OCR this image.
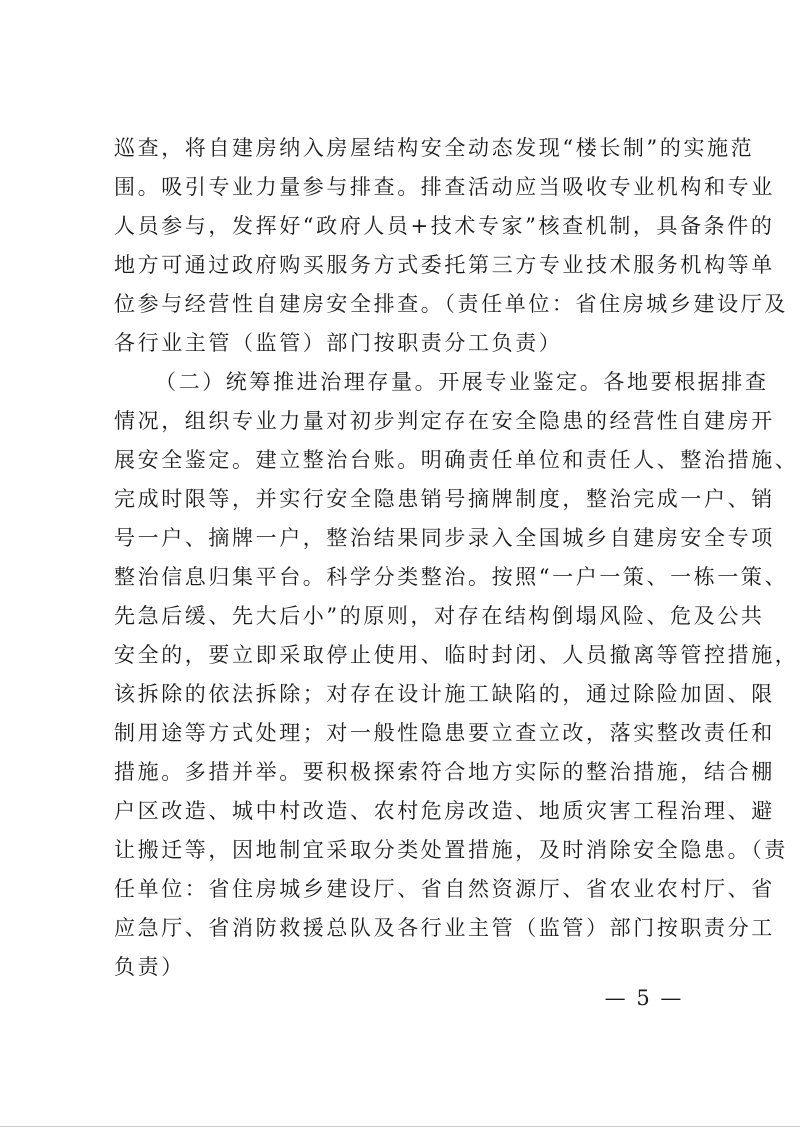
巡查，将自建房纳入房屋结构安全动态发现“楼长制”的实施范
围。吸引专业力量参与排查。排查活动应当吸收专业机构和专业
人员参与，发挥好“政府人员+技术专家”核查机制，具备条件的
地方可通过政府购买服务方式委托第三方专业技术服务机构等单
位参与经营性自建房安全排查。（责任单位：省住房城乡建设厅及
各行业主管（监管）部门按职责分工负责）
（二）统筹推进治理存量。开展专业鉴定。各地要根据排查
情况，组织专业力量对初步判定存在安全隐患的经营性自建房开
展安全鉴定。建立整治台账。明确责任单位和责任人、整治措施、
完成时限等，并实行安全隐患销号摘牌制度，整治完成一户、销
号一户、摘牌一户，整治结果同步录入全国城乡自建房安全专项
整治信息归集平台。科学分类整治。按照“一户一策、一栋一策、
先急后缓、先大后小”的原则，对存在结构倒塌风险、危及公共
安全的，要立即采取停止使用、临时封闭、人员撤离等管控措施，
该拆除的依法拆除；对存在设计施工缺陷的，通过除险加固、限
制用途等方式处理；对一般性隐患要立查立改，落实整改责任和
措施。多措并举。要积极探索符合地方实际的整治措施，结合棚
户区改造、城中村改造、农村危房改造、地质灾害工程治理、避
让搬迁等，因地制宜采取分类处置措施，及时消除安全隐患。（责
任单位：省住房城乡建设厅、省自然资源厅、省农业农村厅、省
应急厅、省消防救援总队及各行业主管（监管）部门按职责分工
负责）
— 5 —
